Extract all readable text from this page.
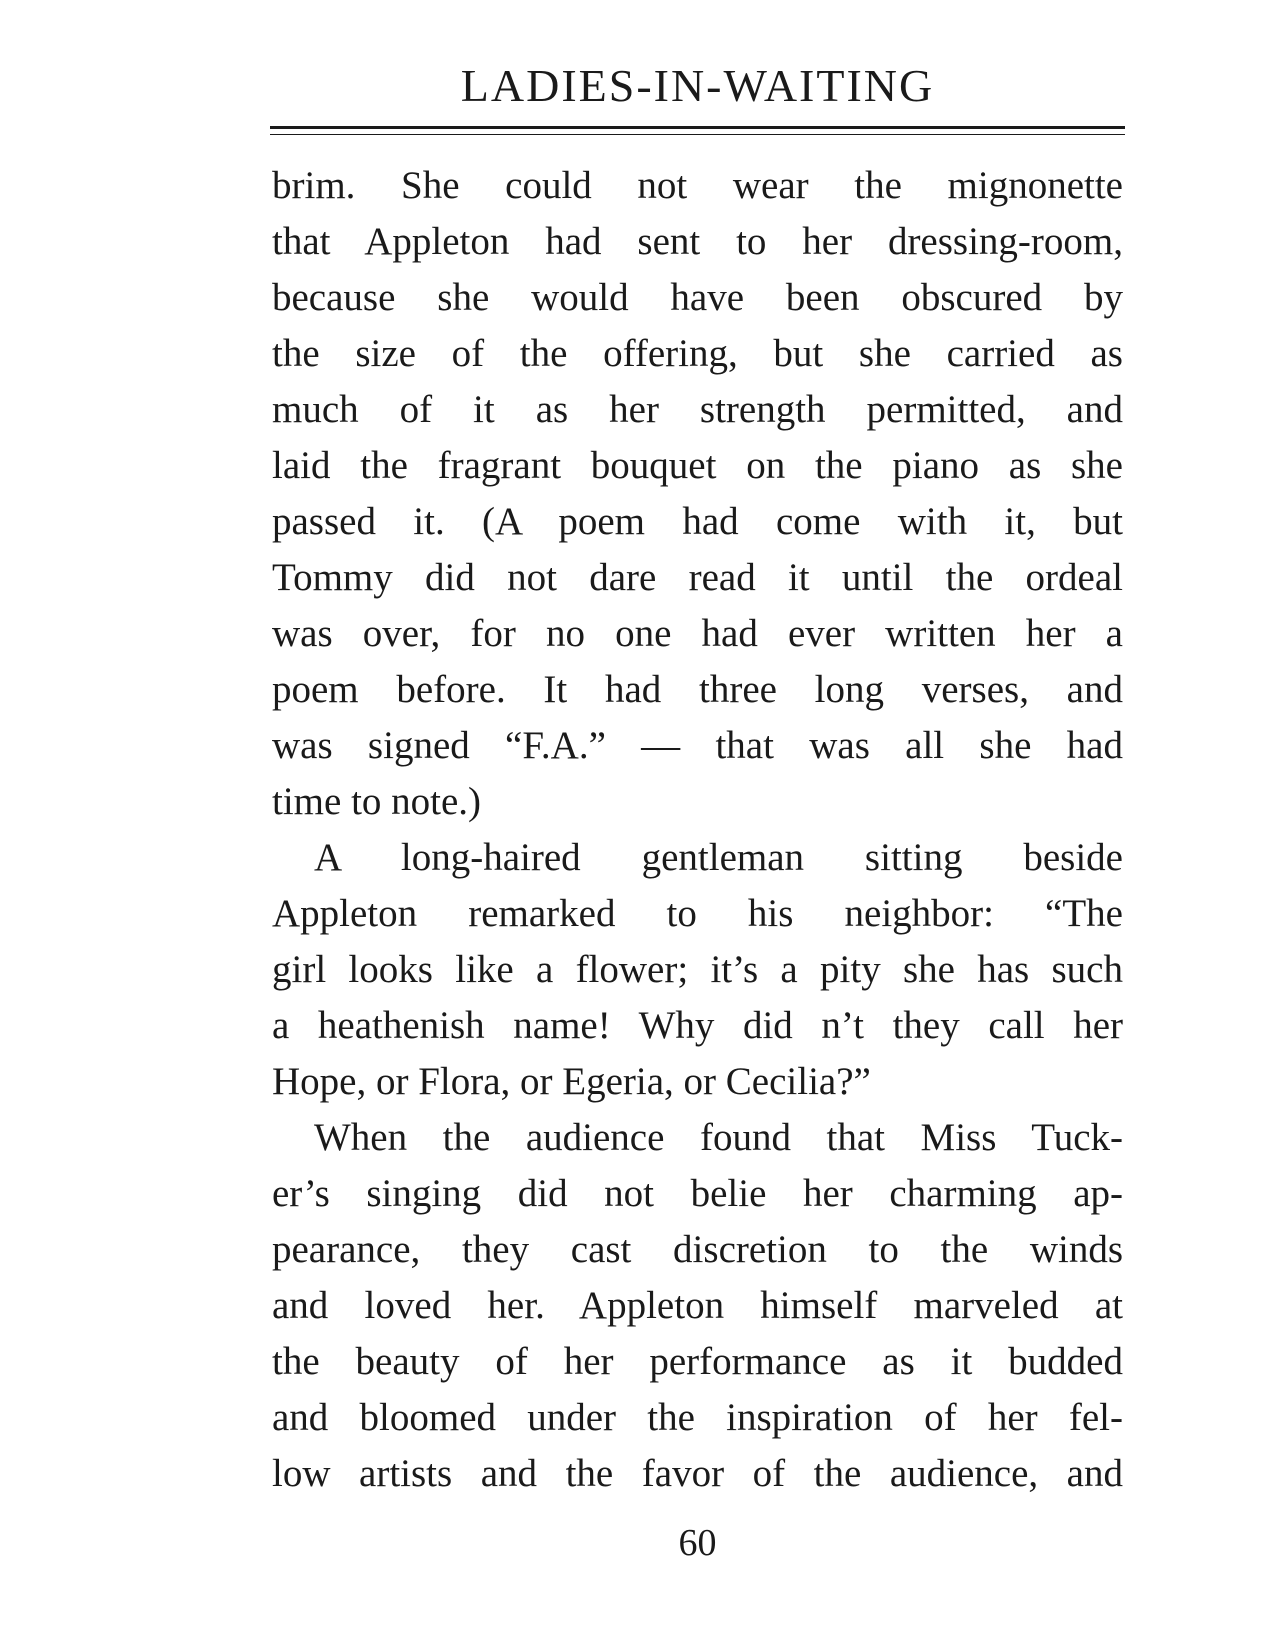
LADIES-IN-WAITING
brim. She could not wear the mignonette
that Appleton had sent to her dressing-room,
because she would have been obscured by
the size of the offering, but she carried as
much of it as her strength permitted, and
laid the fragrant bouquet on the piano as she
passed it. (A poem had come with it, but
Tommy did not dare read it until the ordeal
was over, for no one had ever written her a
poem before. It had three long verses, and
was signed “F.A.” — that was all she had
time to note.)
A long-haired gentleman sitting beside
Appleton remarked to his neighbor: “The
girl looks like a flower; it’s a pity she has such
a heathenish name! Why did n’t they call her
Hope, or Flora, or Egeria, or Cecilia?”
When the audience found that Miss Tuck-
er’s singing did not belie her charming ap-
pearance, they cast discretion to the winds
and loved her. Appleton himself marveled at
the beauty of her performance as it budded
and bloomed under the inspiration of her fel-
low artists and the favor of the audience, and
60
